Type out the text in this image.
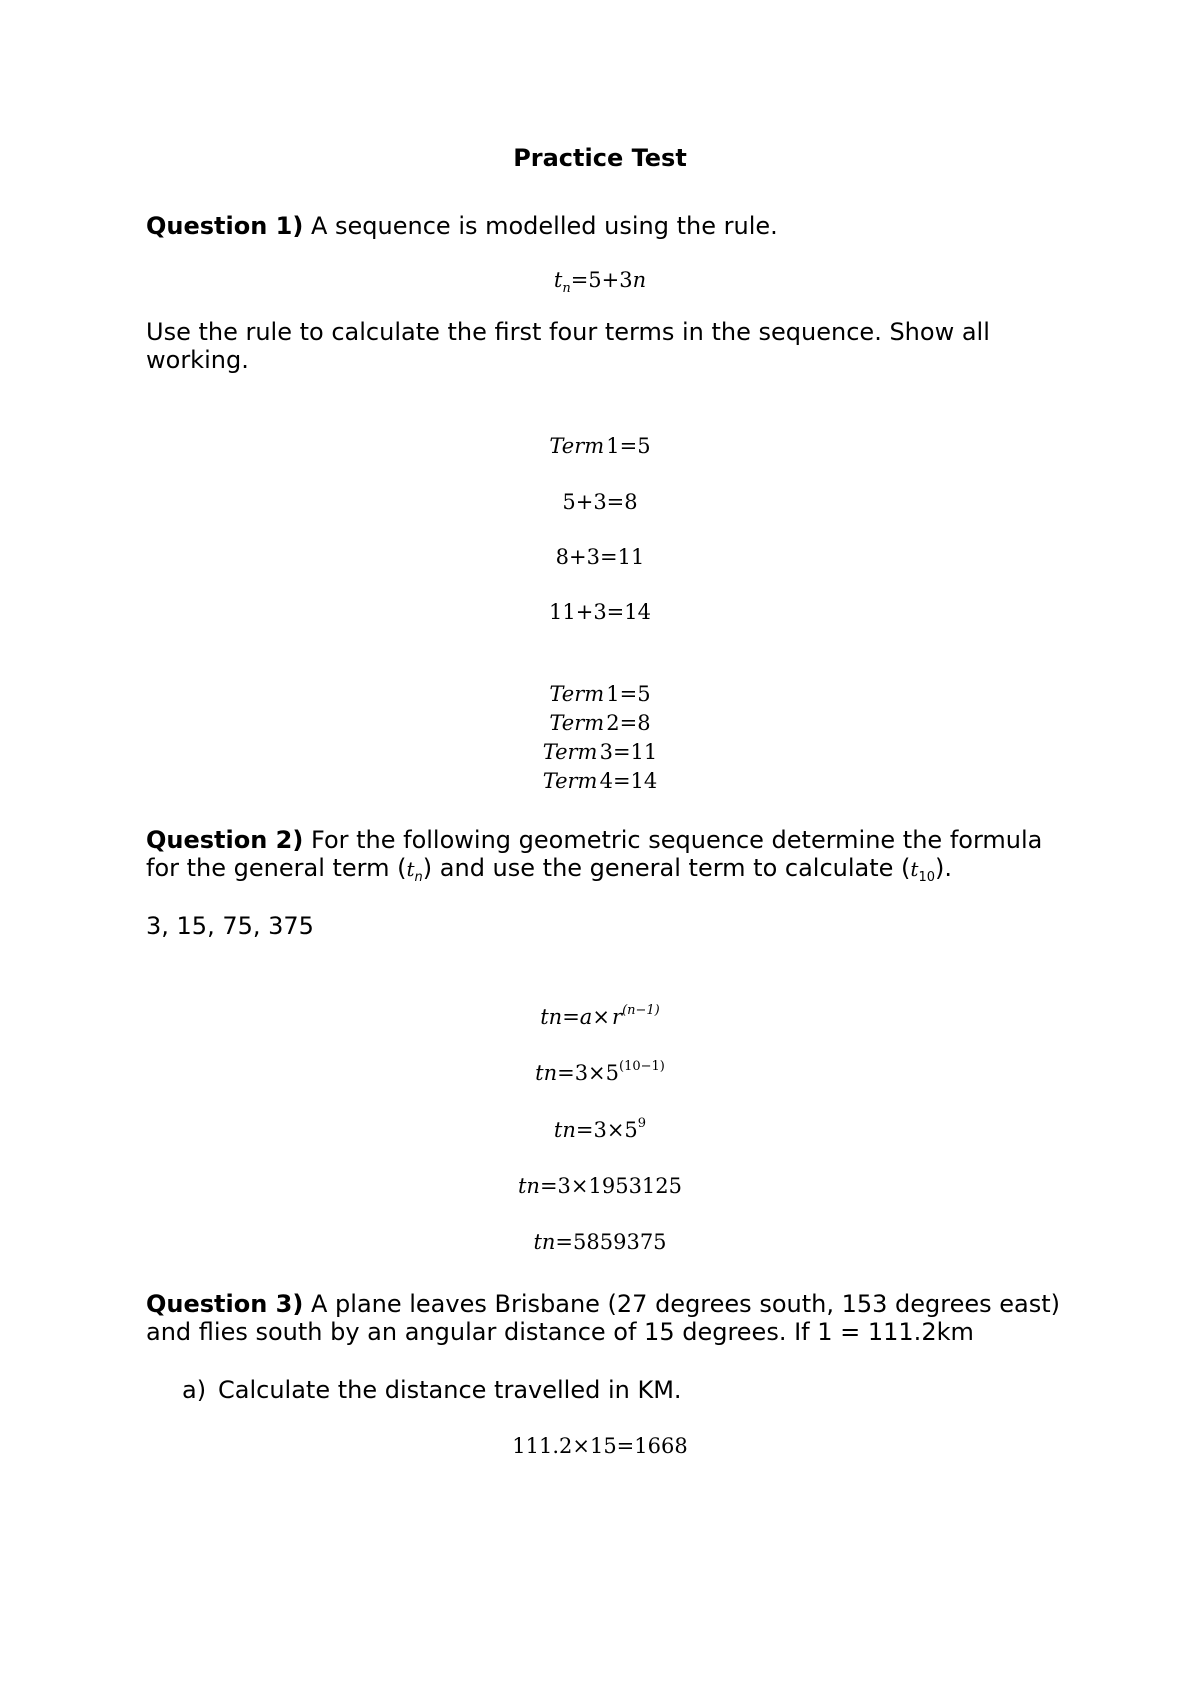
Practice Test
Question 1) A sequence is modelled using the rule.
$t_n=5+3n$
Use the rule to calculate the first four terms in the sequence. Show all working.
Term 1=5
5+3=8
8+3=11
11+3=14
Term 1=5
Term 2=8
Term 3=11
Term 4=14
Question 2) For the following geometric sequence determine the formula for the general term $(t_n)$ and use the general term to calculate $(t_{10})$.
3, 15, 75, 375
tn=a× $r^{(n-1)}$
$tn=3\times 5^{(10-1)}$
$tn=3\times 5^9$
tn=3×1953125
tn=5859375
Question 3) A plane leaves Brisbane (27 degrees south, 153 degrees east) and flies south by an angular distance of 15 degrees. If 1 = 111.2km
a) Calculate the distance travelled in KM.
111.2×15=1668
